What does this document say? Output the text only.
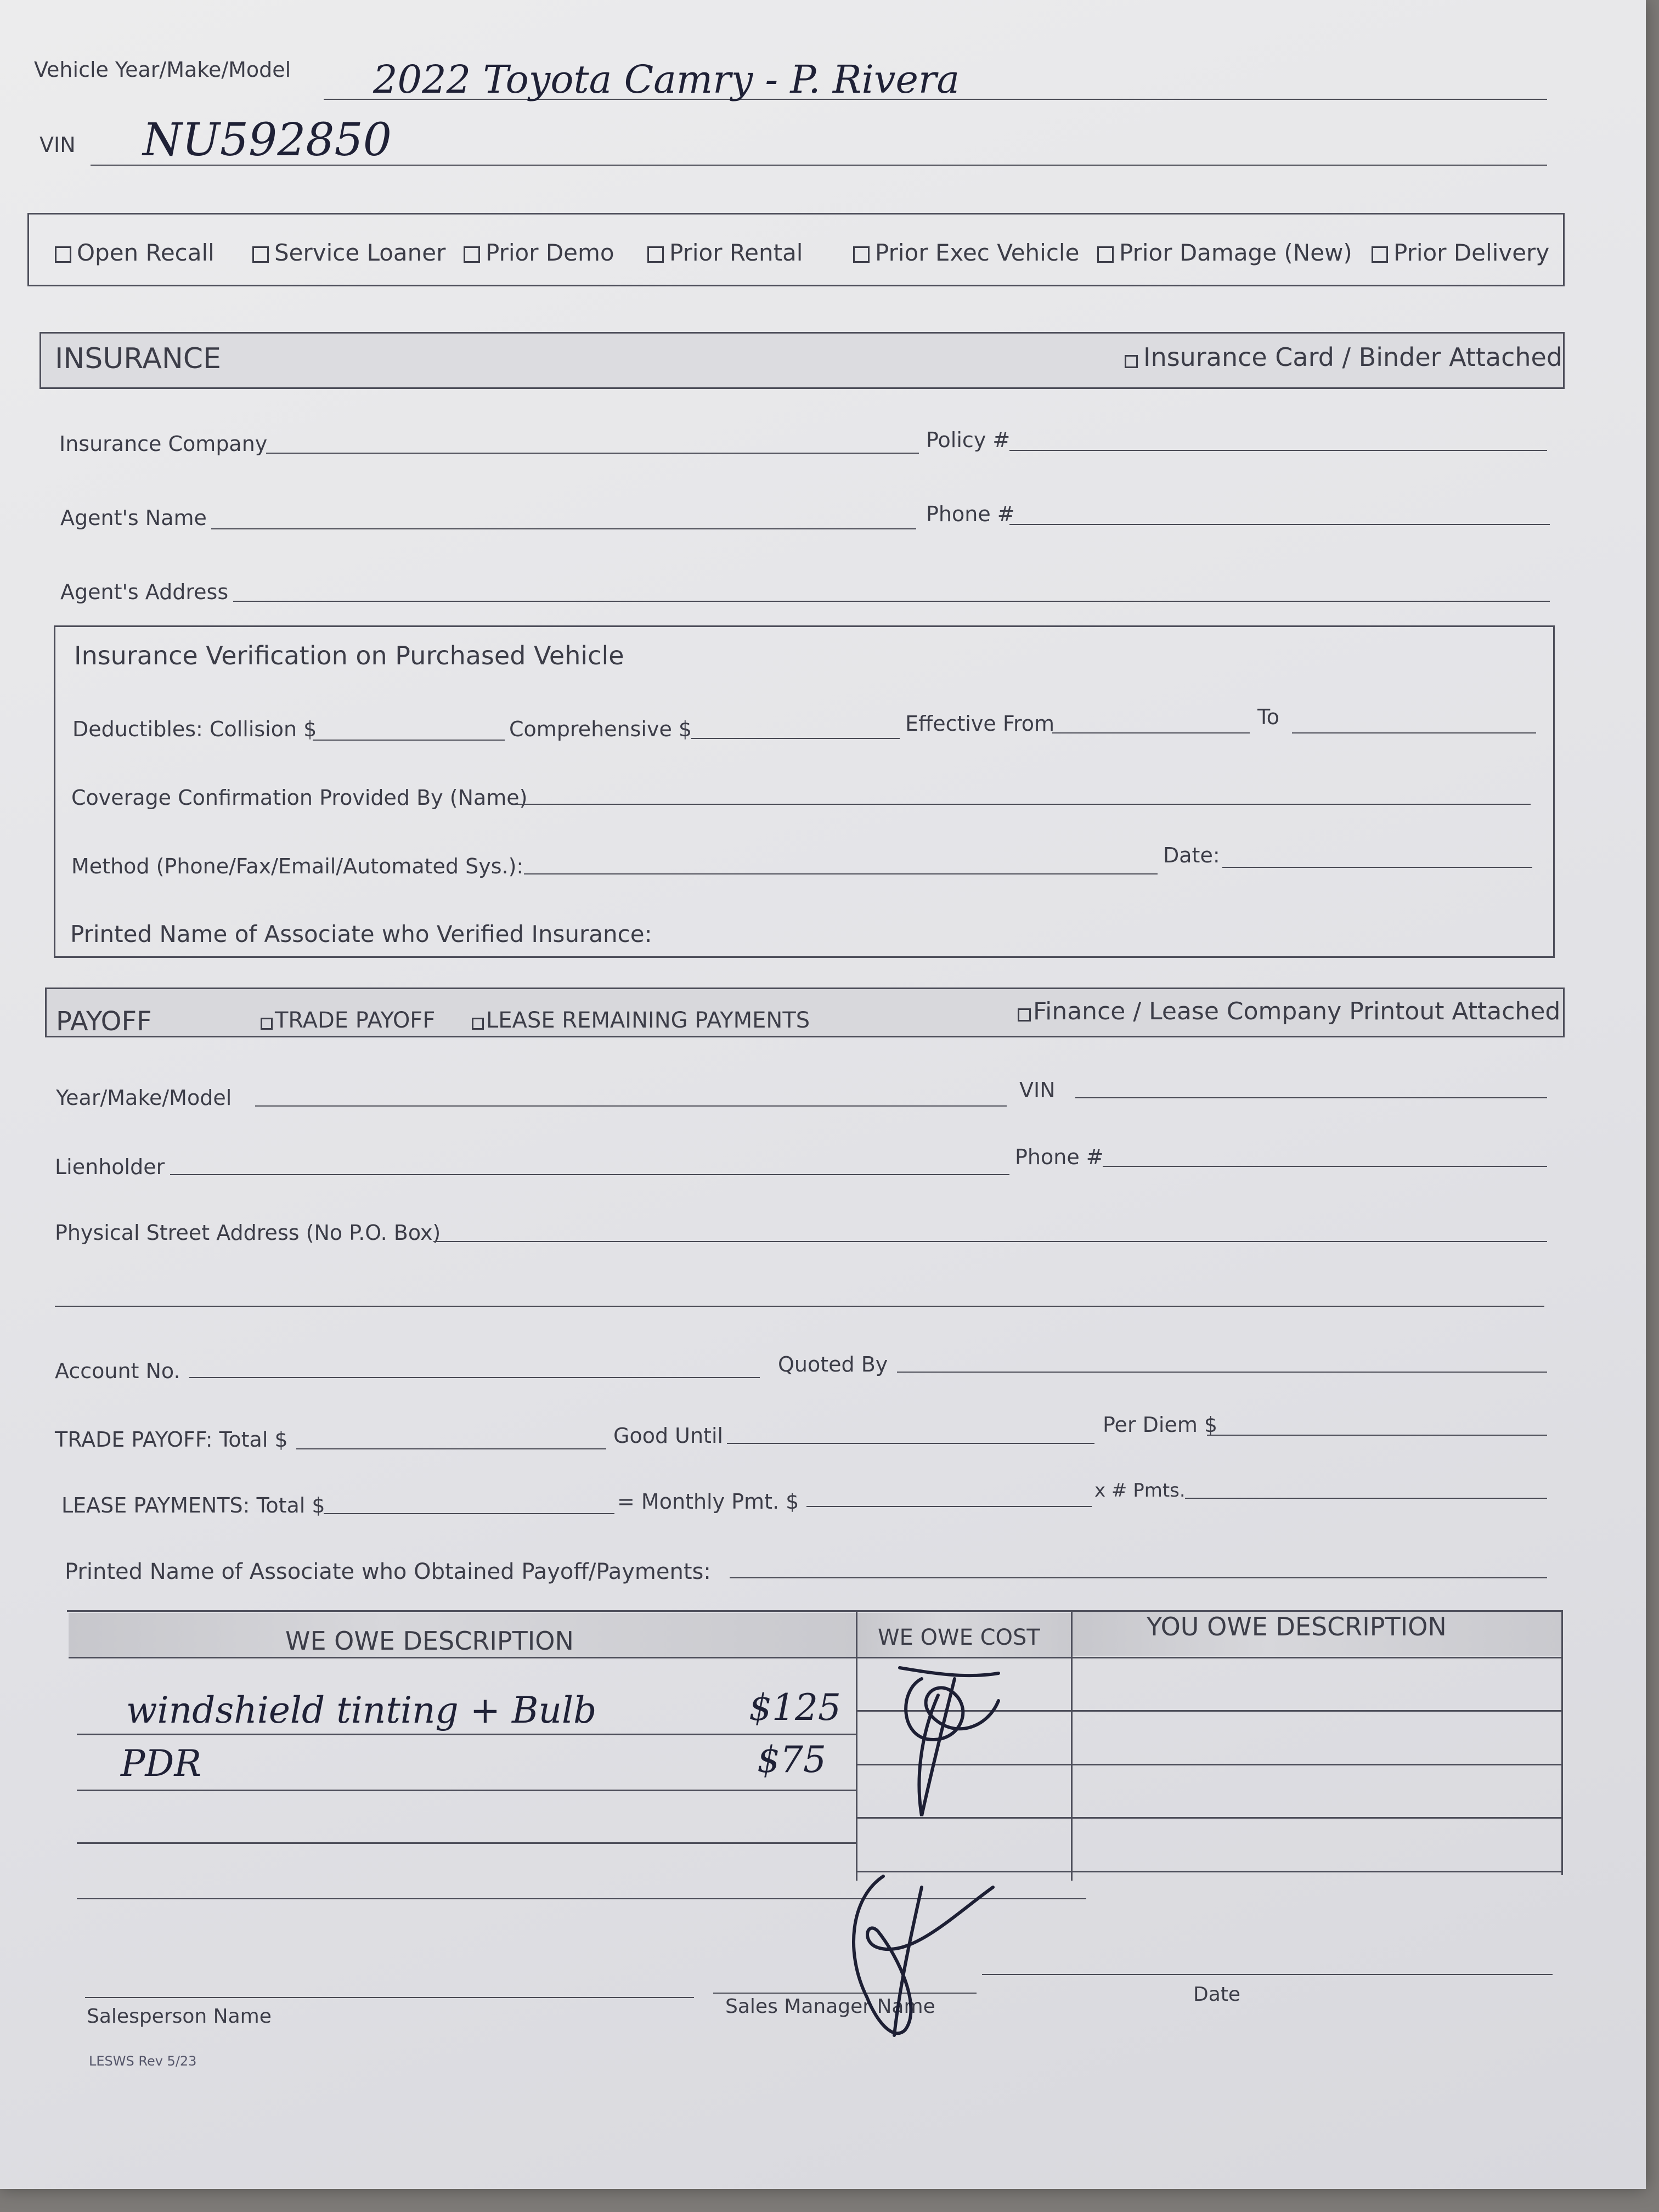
Vehicle Year/Make/Model 2022 Toyota Camry - P. Rivera
VIN NU592850
Open Recall	Service Loaner	Prior Demo	Prior Rental	Prior Exec Vehicle	Prior Damage (New)	Prior Delivery
INSURANCE	Insurance Card / Binder Attached
Insurance Company	Policy #
Agent's Name	Phone #
Agent's Address
Insurance Verification on Purchased Vehicle
Deductibles: Collision $	Comprehensive $	Effective From	To
Coverage Confirmation Provided By (Name)
Method (Phone/Fax/Email/Automated Sys.):	Date:
Printed Name of Associate who Verified Insurance:
PAYOFF	TRADE PAYOFF	LEASE REMAINING PAYMENTS	Finance / Lease Company Printout Attached
Year/Make/Model	VIN
Lienholder	Phone #
Physical Street Address (No P.O. Box)
Account No.	Quoted By
TRADE PAYOFF: Total $	Good Until	Per Diem $
LEASE PAYMENTS: Total $	= Monthly Pmt. $	x # Pmts.
Printed Name of Associate who Obtained Payoff/Payments:
WE OWE DESCRIPTION	WE OWE COST	YOU OWE DESCRIPTION
windshield tinting + Bulb	$125
PDR	$75
Salesperson Name	Sales Manager Name
Date
LESWS Rev 5/23
